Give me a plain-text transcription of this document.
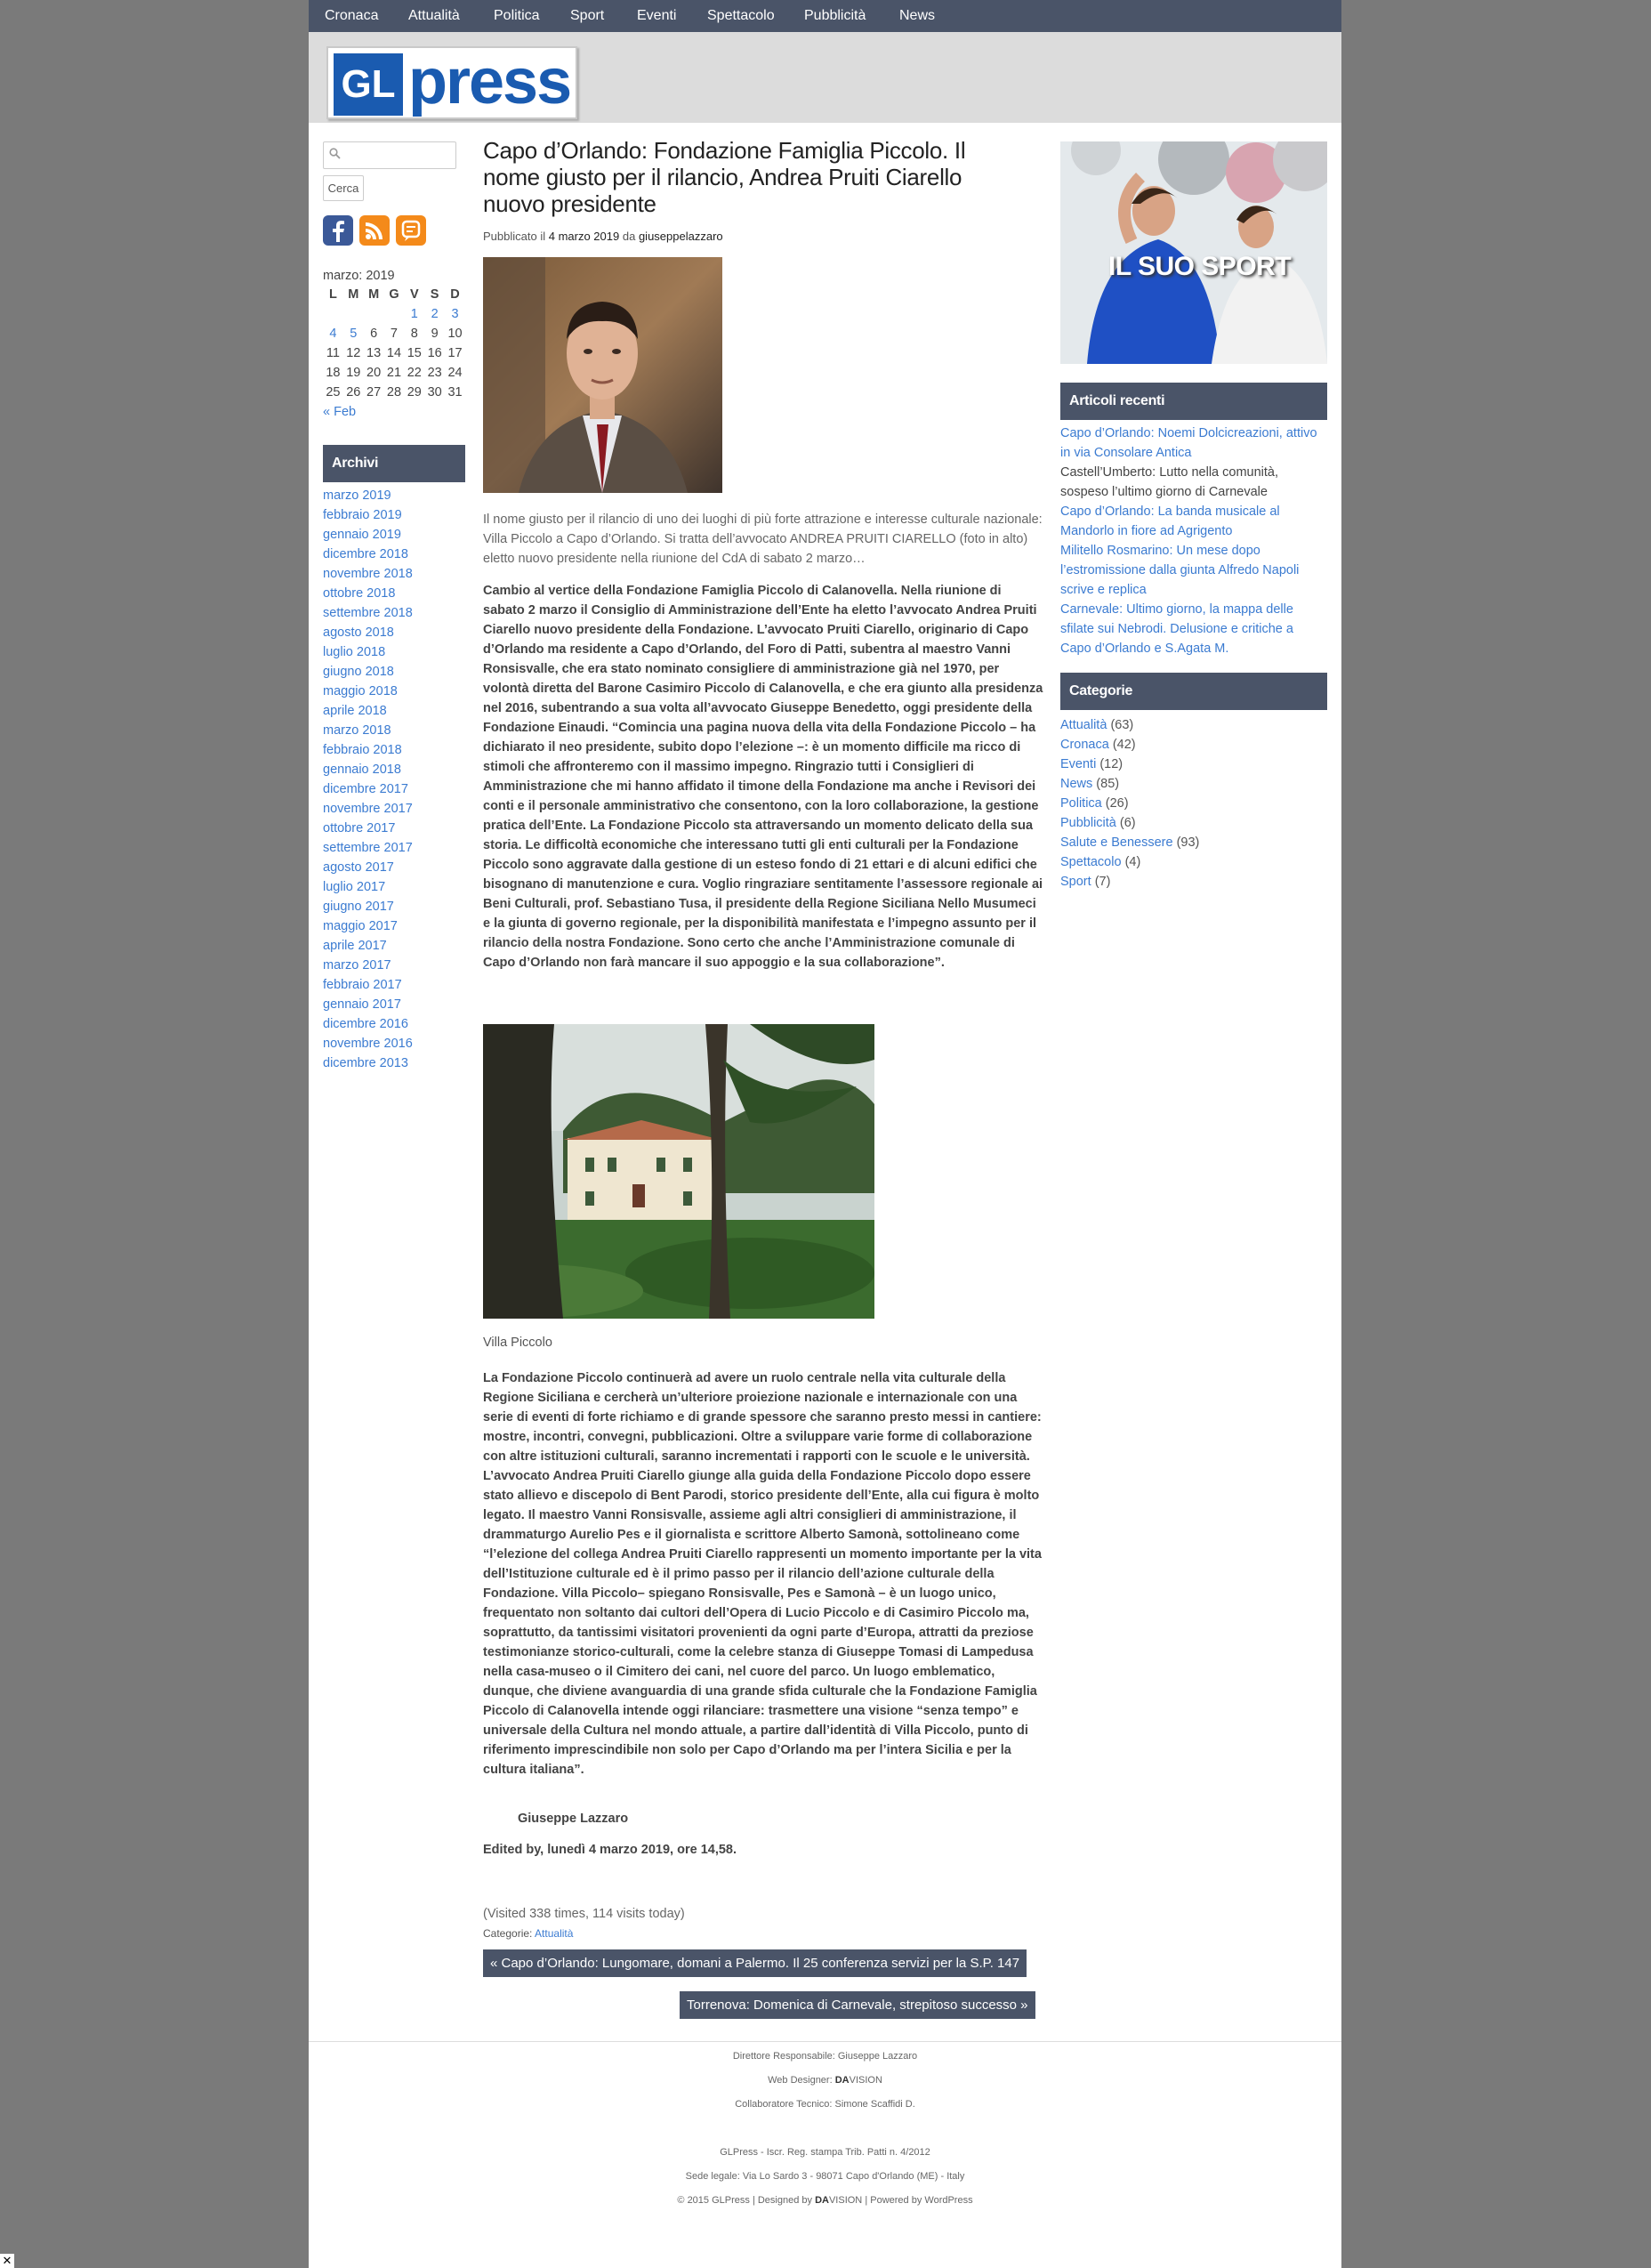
Cronaca Attualità Politica Sport Eventi Spettacolo Pubblicità News
GL press
Cerca
marzo: 2019
L	M	M	G	V	S	D
				1	2	3
4	5	6	7	8	9	10
11	12	13	14	15	16	17
18	19	20	21	22	23	24
25	26	27	28	29	30	31
« Feb
Archivi
marzo 2019
febbraio 2019
gennaio 2019
dicembre 2018
novembre 2018
ottobre 2018
settembre 2018
agosto 2018
luglio 2018
giugno 2018
maggio 2018
aprile 2018
marzo 2018
febbraio 2018
gennaio 2018
dicembre 2017
novembre 2017
ottobre 2017
settembre 2017
agosto 2017
luglio 2017
giugno 2017
maggio 2017
aprile 2017
marzo 2017
febbraio 2017
gennaio 2017
dicembre 2016
novembre 2016
dicembre 2013
Capo d’Orlando: Fondazione Famiglia Piccolo. Il nome giusto per il rilancio, Andrea Pruiti Ciarello nuovo presidente
Pubblicato il 4 marzo 2019 da giuseppelazzaro
Il nome giusto per il rilancio di uno dei luoghi di più forte attrazione e interesse culturale nazionale: Villa Piccolo a Capo d’Orlando. Si tratta dell’avvocato ANDREA PRUITI CIARELLO (foto in alto) eletto nuovo presidente nella riunione del CdA di sabato 2 marzo…
Cambio al vertice della Fondazione Famiglia Piccolo di Calanovella. Nella riunione di sabato 2 marzo il Consiglio di Amministrazione dell’Ente ha eletto l’avvocato Andrea Pruiti Ciarello nuovo presidente della Fondazione. L’avvocato Pruiti Ciarello, originario di Capo d’Orlando ma residente a Capo d’Orlando, del Foro di Patti, subentra al maestro Vanni Ronsisvalle, che era stato nominato consigliere di amministrazione già nel 1970, per volontà diretta del Barone Casimiro Piccolo di Calanovella, e che era giunto alla presidenza nel 2016, subentrando a sua volta all’avvocato Giuseppe Benedetto, oggi presidente della Fondazione Einaudi. “Comincia una pagina nuova della vita della Fondazione Piccolo – ha dichiarato il neo presidente, subito dopo l’elezione –: è un momento difficile ma ricco di stimoli che affronteremo con il massimo impegno. Ringrazio tutti i Consiglieri di Amministrazione che mi hanno affidato il timone della Fondazione ma anche i Revisori dei conti e il personale amministrativo che consentono, con la loro collaborazione, la gestione pratica dell’Ente. La Fondazione Piccolo sta attraversando un momento delicato della sua storia. Le difficoltà economiche che interessano tutti gli enti culturali per la Fondazione Piccolo sono aggravate dalla gestione di un esteso fondo di 21 ettari e di alcuni edifici che bisognano di manutenzione e cura. Voglio ringraziare sentitamente l’assessore regionale ai Beni Culturali, prof. Sebastiano Tusa, il presidente della Regione Siciliana Nello Musumeci e la giunta di governo regionale, per la disponibilità manifestata e l’impegno assunto per il rilancio della nostra Fondazione. Sono certo che anche l’Amministrazione comunale di Capo d’Orlando non farà mancare il suo appoggio e la sua collaborazione”.
Villa Piccolo
La Fondazione Piccolo continuerà ad avere un ruolo centrale nella vita culturale della Regione Siciliana e cercherà un’ulteriore proiezione nazionale e internazionale con una serie di eventi di forte richiamo e di grande spessore che saranno presto messi in cantiere: mostre, incontri, convegni, pubblicazioni. Oltre a sviluppare varie forme di collaborazione con altre istituzioni culturali, saranno incrementati i rapporti con le scuole e le università. L’avvocato Andrea Pruiti Ciarello giunge alla guida della Fondazione Piccolo dopo essere stato allievo e discepolo di Bent Parodi, storico presidente dell’Ente, alla cui figura è molto legato. Il maestro Vanni Ronsisvalle, assieme agli altri consiglieri di amministrazione, il drammaturgo Aurelio Pes e il giornalista e scrittore Alberto Samonà, sottolineano come “l’elezione del collega Andrea Pruiti Ciarello rappresenti un momento importante per la vita dell’Istituzione culturale ed è il primo passo per il rilancio dell’azione culturale della Fondazione. Villa Piccolo– spiegano Ronsisvalle, Pes e Samonà – è un luogo unico, frequentato non soltanto dai cultori dell’Opera di Lucio Piccolo e di Casimiro Piccolo ma, soprattutto, da tantissimi visitatori provenienti da ogni parte d’Europa, attratti da preziose testimonianze storico-culturali, come la celebre stanza di Giuseppe Tomasi di Lampedusa nella casa-museo o il Cimitero dei cani, nel cuore del parco. Un luogo emblematico, dunque, che diviene avanguardia di una grande sfida culturale che la Fondazione Famiglia Piccolo di Calanovella intende oggi rilanciare: trasmettere una visione “senza tempo” e universale della Cultura nel mondo attuale, a partire dall’identità di Villa Piccolo, punto di riferimento imprescindibile non solo per Capo d’Orlando ma per l’intera Sicilia e per la cultura italiana”.
Giuseppe Lazzaro
Edited by, lunedì 4 marzo 2019, ore 14,58.
(Visited 338 times, 114 visits today)
Categorie: Attualità
« Capo d’Orlando: Lungomare, domani a Palermo. Il 25 conferenza servizi per la S.P. 147
Torrenova: Domenica di Carnevale, strepitoso successo »
IL SUO SPORT
Articoli recenti
Capo d’Orlando: Noemi Dolcicreazioni, attivo in via Consolare Antica
Castell’Umberto: Lutto nella comunità, sospeso l’ultimo giorno di Carnevale
Capo d’Orlando: La banda musicale al Mandorlo in fiore ad Agrigento
Militello Rosmarino: Un mese dopo l’estromissione dalla giunta Alfredo Napoli scrive e replica
Carnevale: Ultimo giorno, la mappa delle sfilate sui Nebrodi. Delusione e critiche a Capo d’Orlando e S.Agata M.
Categorie
Attualità (63)
Cronaca (42)
Eventi (12)
News (85)
Politica (26)
Pubblicità (6)
Salute e Benessere (93)
Spettacolo (4)
Sport (7)
Direttore Responsabile: Giuseppe Lazzaro
Web Designer: DAVISION
Collaboratore Tecnico: Simone Scaffidi D.
GLPress - Iscr. Reg. stampa Trib. Patti n. 4/2012
Sede legale: Via Lo Sardo 3 - 98071 Capo d'Orlando (ME) - Italy
© 2015 GLPress | Designed by DAVISION | Powered by WordPress
✕
